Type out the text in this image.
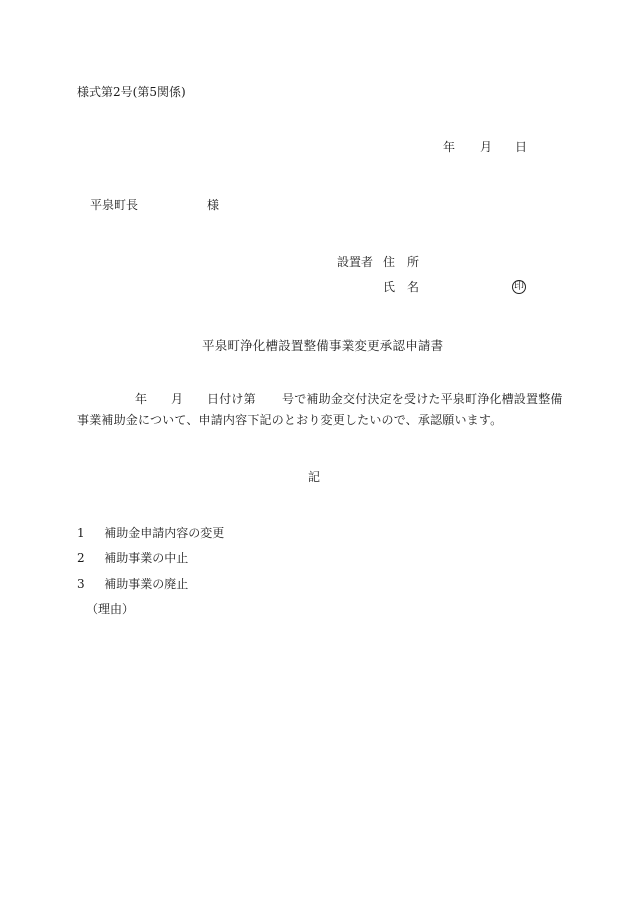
様式第2号(第5関係)
年 月 日
平泉町長	様
設置者 住　所
氏　名	印
平泉町浄化槽設置整備事業変更承認申請書
年 月 日付け第 号で補助金交付決定を受けた平泉町浄化槽設置整備
事業補助金について、申請内容下記のとおり変更したいので、承認願います。
記
1 補助金申請内容の変更
2 補助事業の中止
3 補助事業の廃止
（理由）
